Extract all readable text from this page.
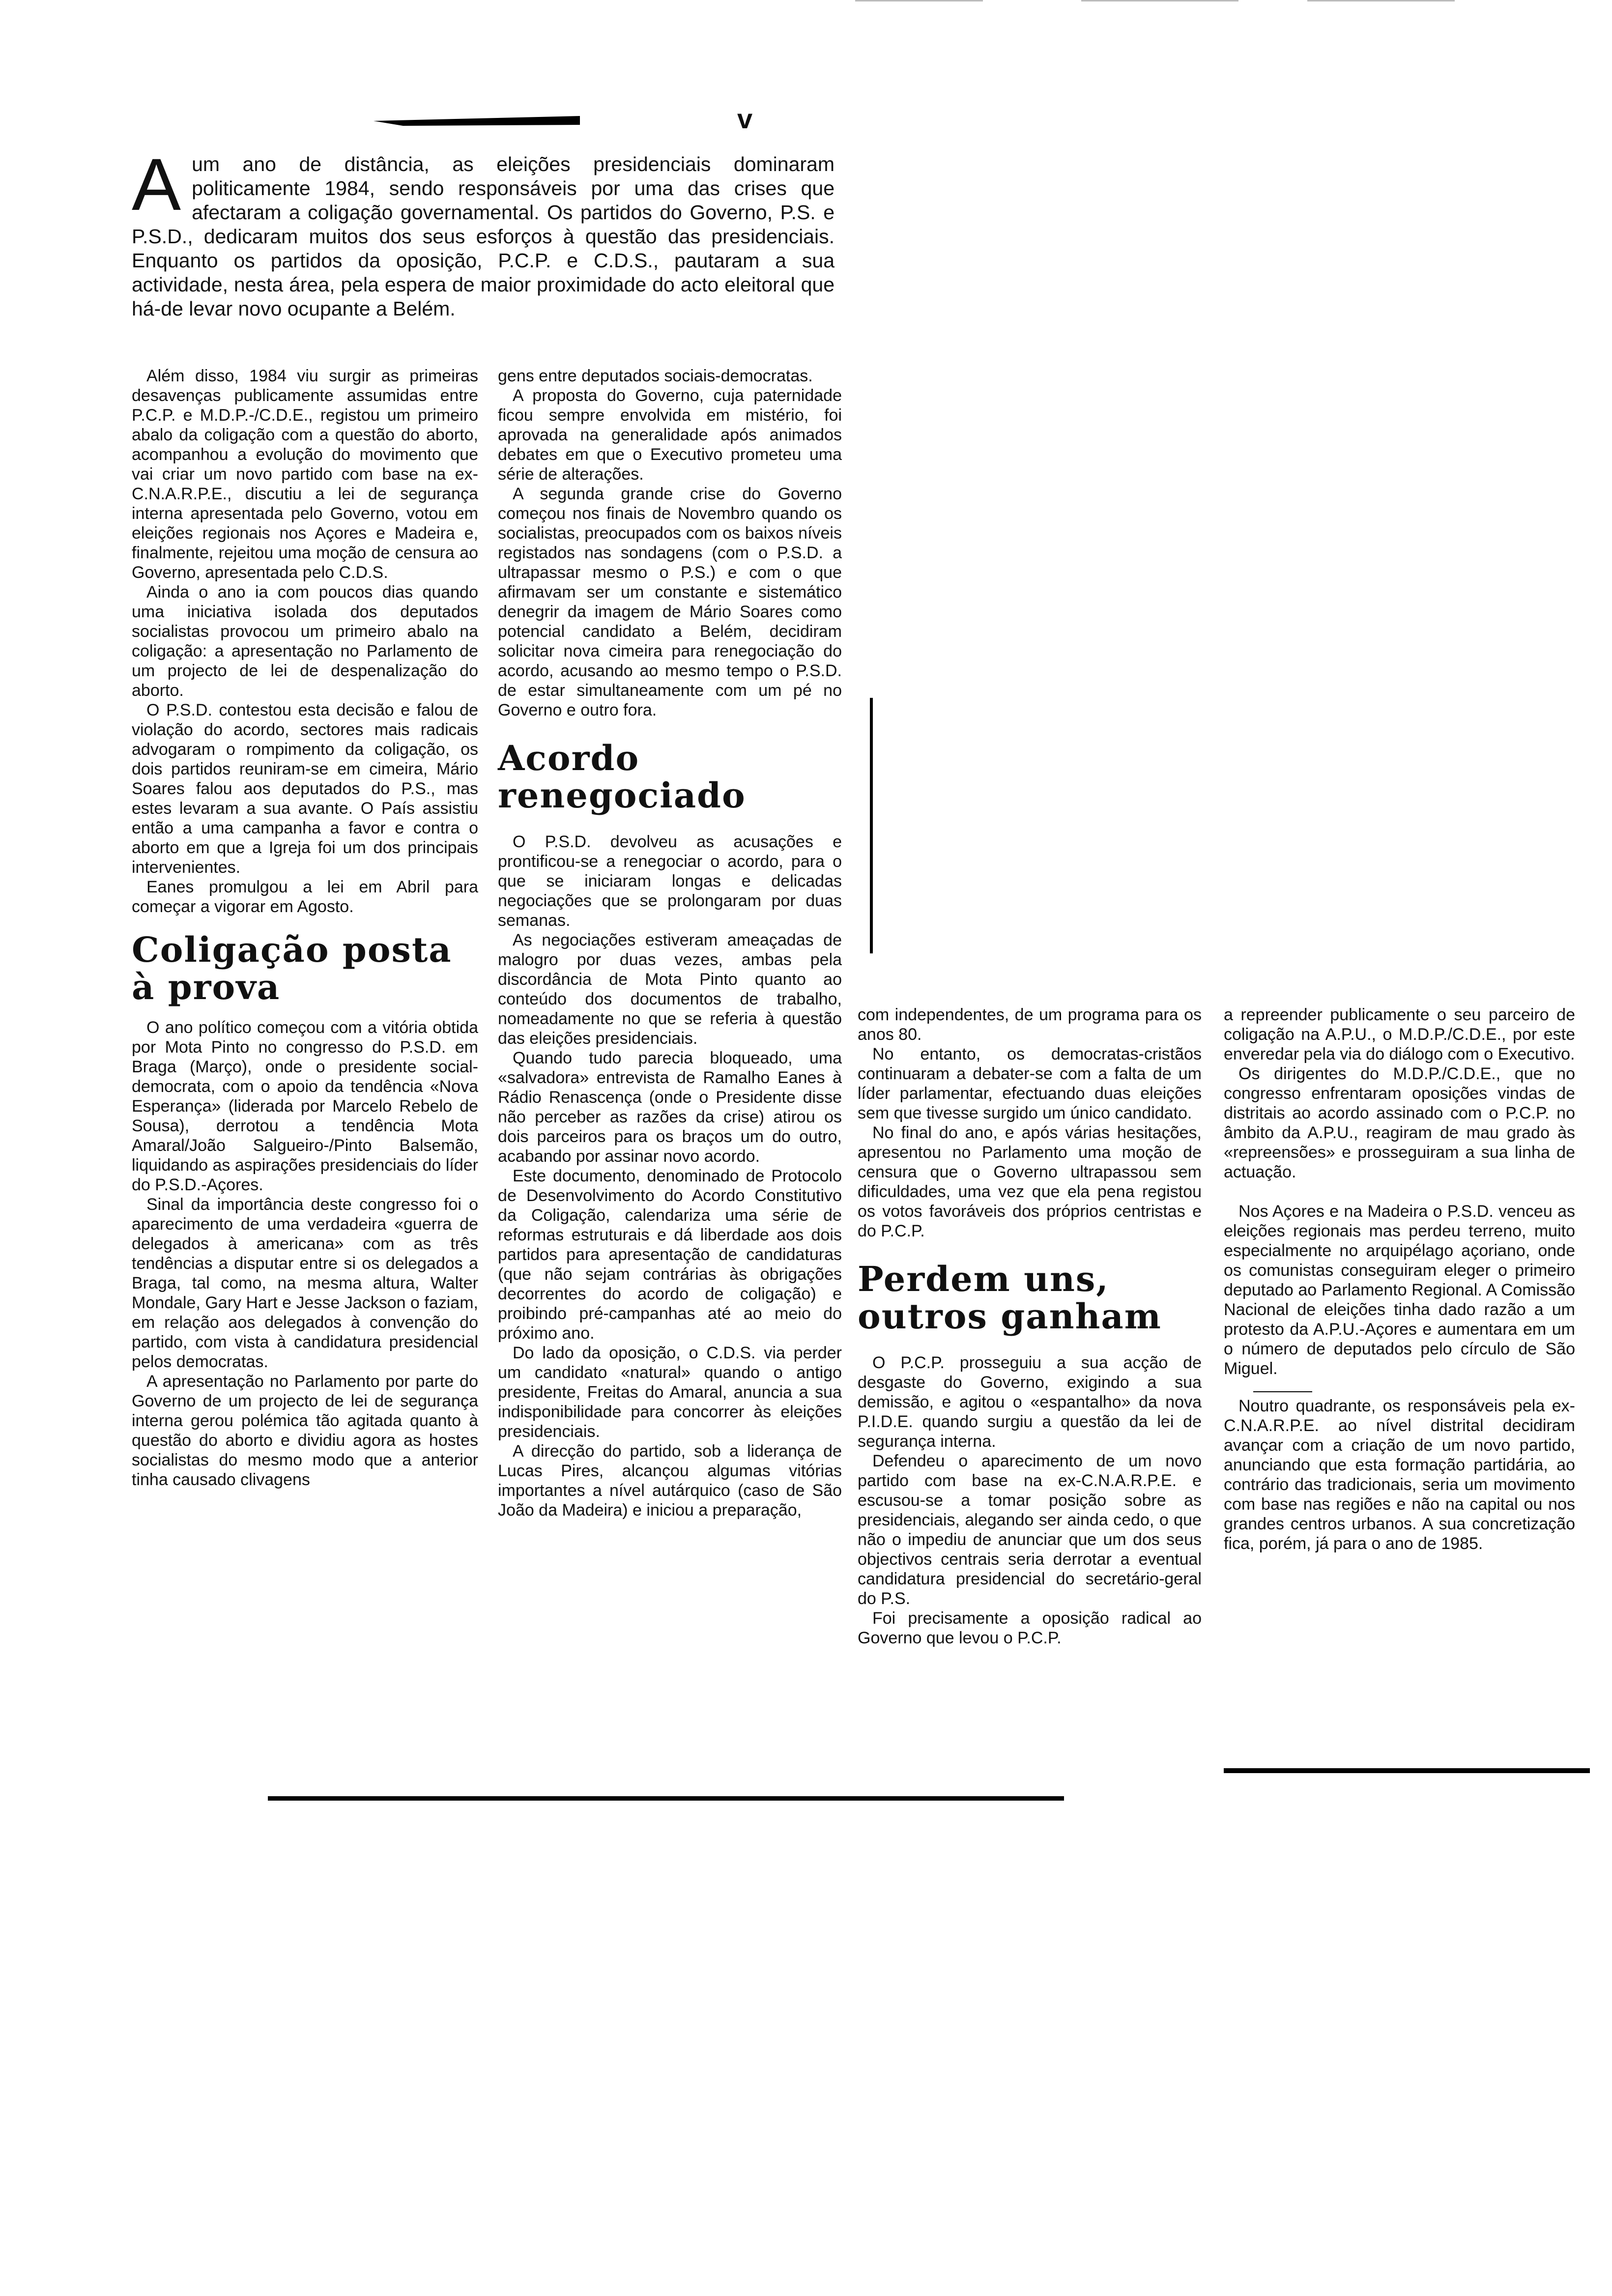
v
Aum ano de distância, as eleições presidenciais dominaram politicamente 1984, sendo responsáveis por uma das crises que afectaram a coligação governamental. Os partidos do Governo, P.S. e P.S.D., dedicaram muitos dos seus esforços à questão das presidenciais. Enquanto os partidos da oposição, P.C.P. e C.D.S., pautaram a sua actividade, nesta área, pela espera de maior proximidade do acto eleitoral que há-de levar novo ocupante a Belém.

Além disso, 1984 viu surgir as primeiras desavenças publicamente assumidas entre P.C.P. e M.D.P.-/C.D.E., registou um primeiro abalo da coligação com a questão do aborto, acompanhou a evolução do movimento que vai criar um novo partido com base na ex-C.N.A.R.P.E., discutiu a lei de segurança interna apresentada pelo Governo, votou em eleições regionais nos Açores e Madeira e, finalmente, rejeitou uma moção de censura ao Governo, apresentada pelo C.D.S.

Ainda o ano ia com poucos dias quando uma iniciativa isolada dos deputados socialistas provocou um primeiro abalo na coligação: a apresentação no Parlamento de um projecto de lei de despenalização do aborto.

O P.S.D. contestou esta decisão e falou de violação do acordo, sectores mais radicais advogaram o rompimento da coligação, os dois partidos reuniram-se em cimeira, Mário Soares falou aos deputados do P.S., mas estes levaram a sua avante. O País assistiu então a uma campanha a favor e contra o aborto em que a Igreja foi um dos principais intervenientes.

Eanes promulgou a lei em Abril para começar a vigorar em Agosto.

Coligação posta à prova

O ano político começou com a vitória obtida por Mota Pinto no congresso do P.S.D. em Braga (Março), onde o presidente social-democrata, com o apoio da tendência «Nova Esperança» (liderada por Marcelo Rebelo de Sousa), derrotou a tendência Mota Amaral/João Salgueiro-/Pinto Balsemão, liquidando as aspirações presidenciais do líder do P.S.D.-Açores.

Sinal da importância deste congresso foi o aparecimento de uma verdadeira «guerra de delegados à americana» com as três tendências a disputar entre si os delegados a Braga, tal como, na mesma altura, Walter Mondale, Gary Hart e Jesse Jackson o faziam, em relação aos delegados à convenção do partido, com vista à candidatura presidencial pelos democratas.

A apresentação no Parlamento por parte do Governo de um projecto de lei de segurança interna gerou polémica tão agitada quanto à questão do aborto e dividiu agora as hostes socialistas do mesmo modo que a anterior tinha causado clivagens

gens entre deputados sociais-democratas.

A proposta do Governo, cuja paternidade ficou sempre envolvida em mistério, foi aprovada na generalidade após animados debates em que o Executivo prometeu uma série de alterações.

A segunda grande crise do Governo começou nos finais de Novembro quando os socialistas, preocupados com os baixos níveis registados nas sondagens (com o P.S.D. a ultrapassar mesmo o P.S.) e com o que afirmavam ser um constante e sistemático denegrir da imagem de Mário Soares como potencial candidato a Belém, decidiram solicitar nova cimeira para renegociação do acordo, acusando ao mesmo tempo o P.S.D. de estar simultaneamente com um pé no Governo e outro fora.

Acordo renegociado

O P.S.D. devolveu as acusações e prontificou-se a renegociar o acordo, para o que se iniciaram longas e delicadas negociações que se prolongaram por duas semanas.

As negociações estiveram ameaçadas de malogro por duas vezes, ambas pela discordância de Mota Pinto quanto ao conteúdo dos documentos de trabalho, nomeadamente no que se referia à questão das eleições presidenciais.

Quando tudo parecia bloqueado, uma «salvadora» entrevista de Ramalho Eanes à Rádio Renascença (onde o Presidente disse não perceber as razões da crise) atirou os dois parceiros para os braços um do outro, acabando por assinar novo acordo.

Este documento, denominado de Protocolo de Desenvolvimento do Acordo Constitutivo da Coligação, calendariza uma série de reformas estruturais e dá liberdade aos dois partidos para apresentação de candidaturas (que não sejam contrárias às obrigações decorrentes do acordo de coligação) e proibindo pré-campanhas até ao meio do próximo ano.

Do lado da oposição, o C.D.S. via perder um candidato «natural» quando o antigo presidente, Freitas do Amaral, anuncia a sua indisponibilidade para concorrer às eleições presidenciais.

A direcção do partido, sob a liderança de Lucas Pires, alcançou algumas vitórias importantes a nível autárquico (caso de São João da Madeira) e iniciou a preparação,

com independentes, de um programa para os anos 80.

No entanto, os democratas-cristãos continuaram a debater-se com a falta de um líder parlamentar, efectuando duas eleições sem que tivesse surgido um único candidato.

No final do ano, e após várias hesitações, apresentou no Parlamento uma moção de censura que o Governo ultrapassou sem dificuldades, uma vez que ela pena registou os votos favoráveis dos próprios centristas e do P.C.P.

Perdem uns, outros ganham

O P.C.P. prosseguiu a sua acção de desgaste do Governo, exigindo a sua demissão, e agitou o «espantalho» da nova P.I.D.E. quando surgiu a questão da lei de segurança interna.

Defendeu o aparecimento de um novo partido com base na ex-C.N.A.R.P.E. e escusou-se a tomar posição sobre as presidenciais, alegando ser ainda cedo, o que não o impediu de anunciar que um dos seus objectivos centrais seria derrotar a eventual candidatura presidencial do secretário-geral do P.S.

Foi precisamente a oposição radical ao Governo que levou o P.C.P.

a repreender publicamente o seu parceiro de coligação na A.P.U., o M.D.P./C.D.E., por este enveredar pela via do diálogo com o Executivo.

Os dirigentes do M.D.P./C.D.E., que no congresso enfrentaram oposições vindas de distritais ao acordo assinado com o P.C.P. no âmbito da A.P.U., reagiram de mau grado às «repreensões» e prosseguiram a sua linha de actuação.

Nos Açores e na Madeira o P.S.D. venceu as eleições regionais mas perdeu terreno, muito especialmente no arquipélago açoriano, onde os comunistas conseguiram eleger o primeiro deputado ao Parlamento Regional. A Comissão Nacional de eleições tinha dado razão a um protesto da A.P.U.-Açores e aumentara em um o número de deputados pelo círculo de São Miguel.

Noutro quadrante, os responsáveis pela ex-C.N.A.R.P.E. ao nível distrital decidiram avançar com a criação de um novo partido, anunciando que esta formação partidária, ao contrário das tradicionais, seria um movimento com base nas regiões e não na capital ou nos grandes centros urbanos. A sua concretização fica, porém, já para o ano de 1985.
